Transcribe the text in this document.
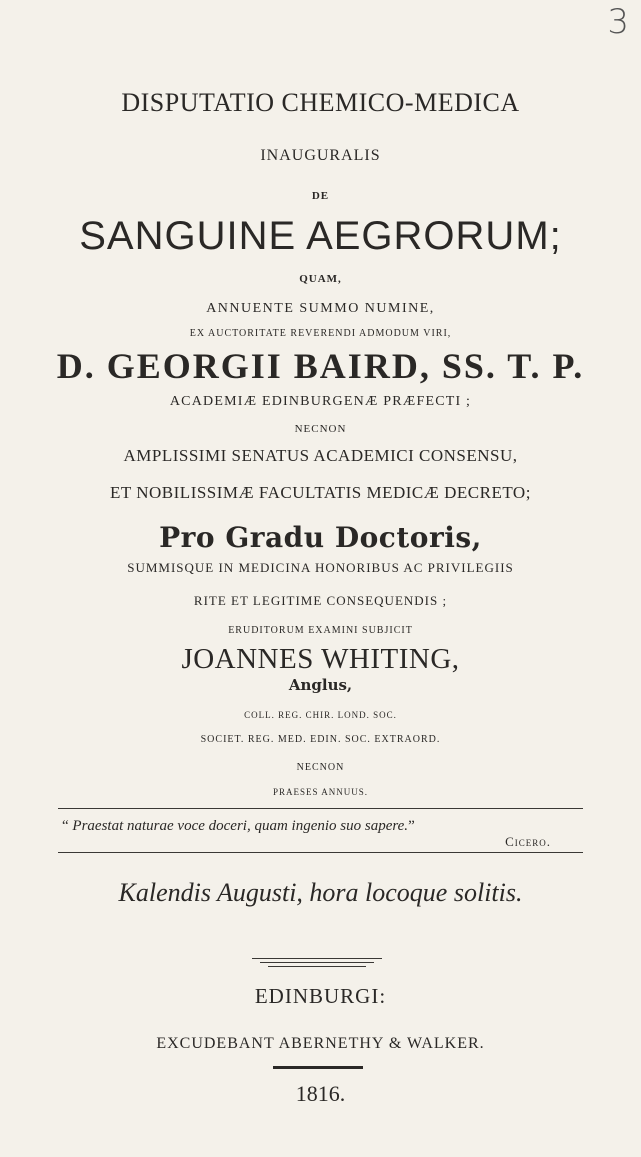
3
DISPUTATIO CHEMICO-MEDICA
INAUGURALIS
DE
SANGUINE AEGRORUM;
QUAM,
ANNUENTE SUMMO NUMINE,
EX AUCTORITATE REVERENDI ADMODUM VIRI,
D. GEORGII BAIRD, SS. T. P.
ACADEMIÆ EDINBURGENÆ PRÆFECTI ;
NECNON
AMPLISSIMI SENATUS ACADEMICI CONSENSU,
ET NOBILISSIMÆ FACULTATIS MEDICÆ DECRETO;
Pro Gradu Doctoris,
SUMMISQUE IN MEDICINA HONORIBUS AC PRIVILEGIIS
RITE ET LEGITIME CONSEQUENDIS ;
ERUDITORUM EXAMINI SUBJICIT
JOANNES WHITING,
Anglus,
COLL. REG. CHIR. LOND. SOC.
SOCIET. REG. MED. EDIN. SOC. EXTRAORD.
NECNON
PRAESES ANNUUS.
“ Praestat naturae voce doceri, quam ingenio suo sapere.”
Cicero.
Kalendis Augusti, hora locoque solitis.
EDINBURGI:
EXCUDEBANT ABERNETHY & WALKER.
1816.
